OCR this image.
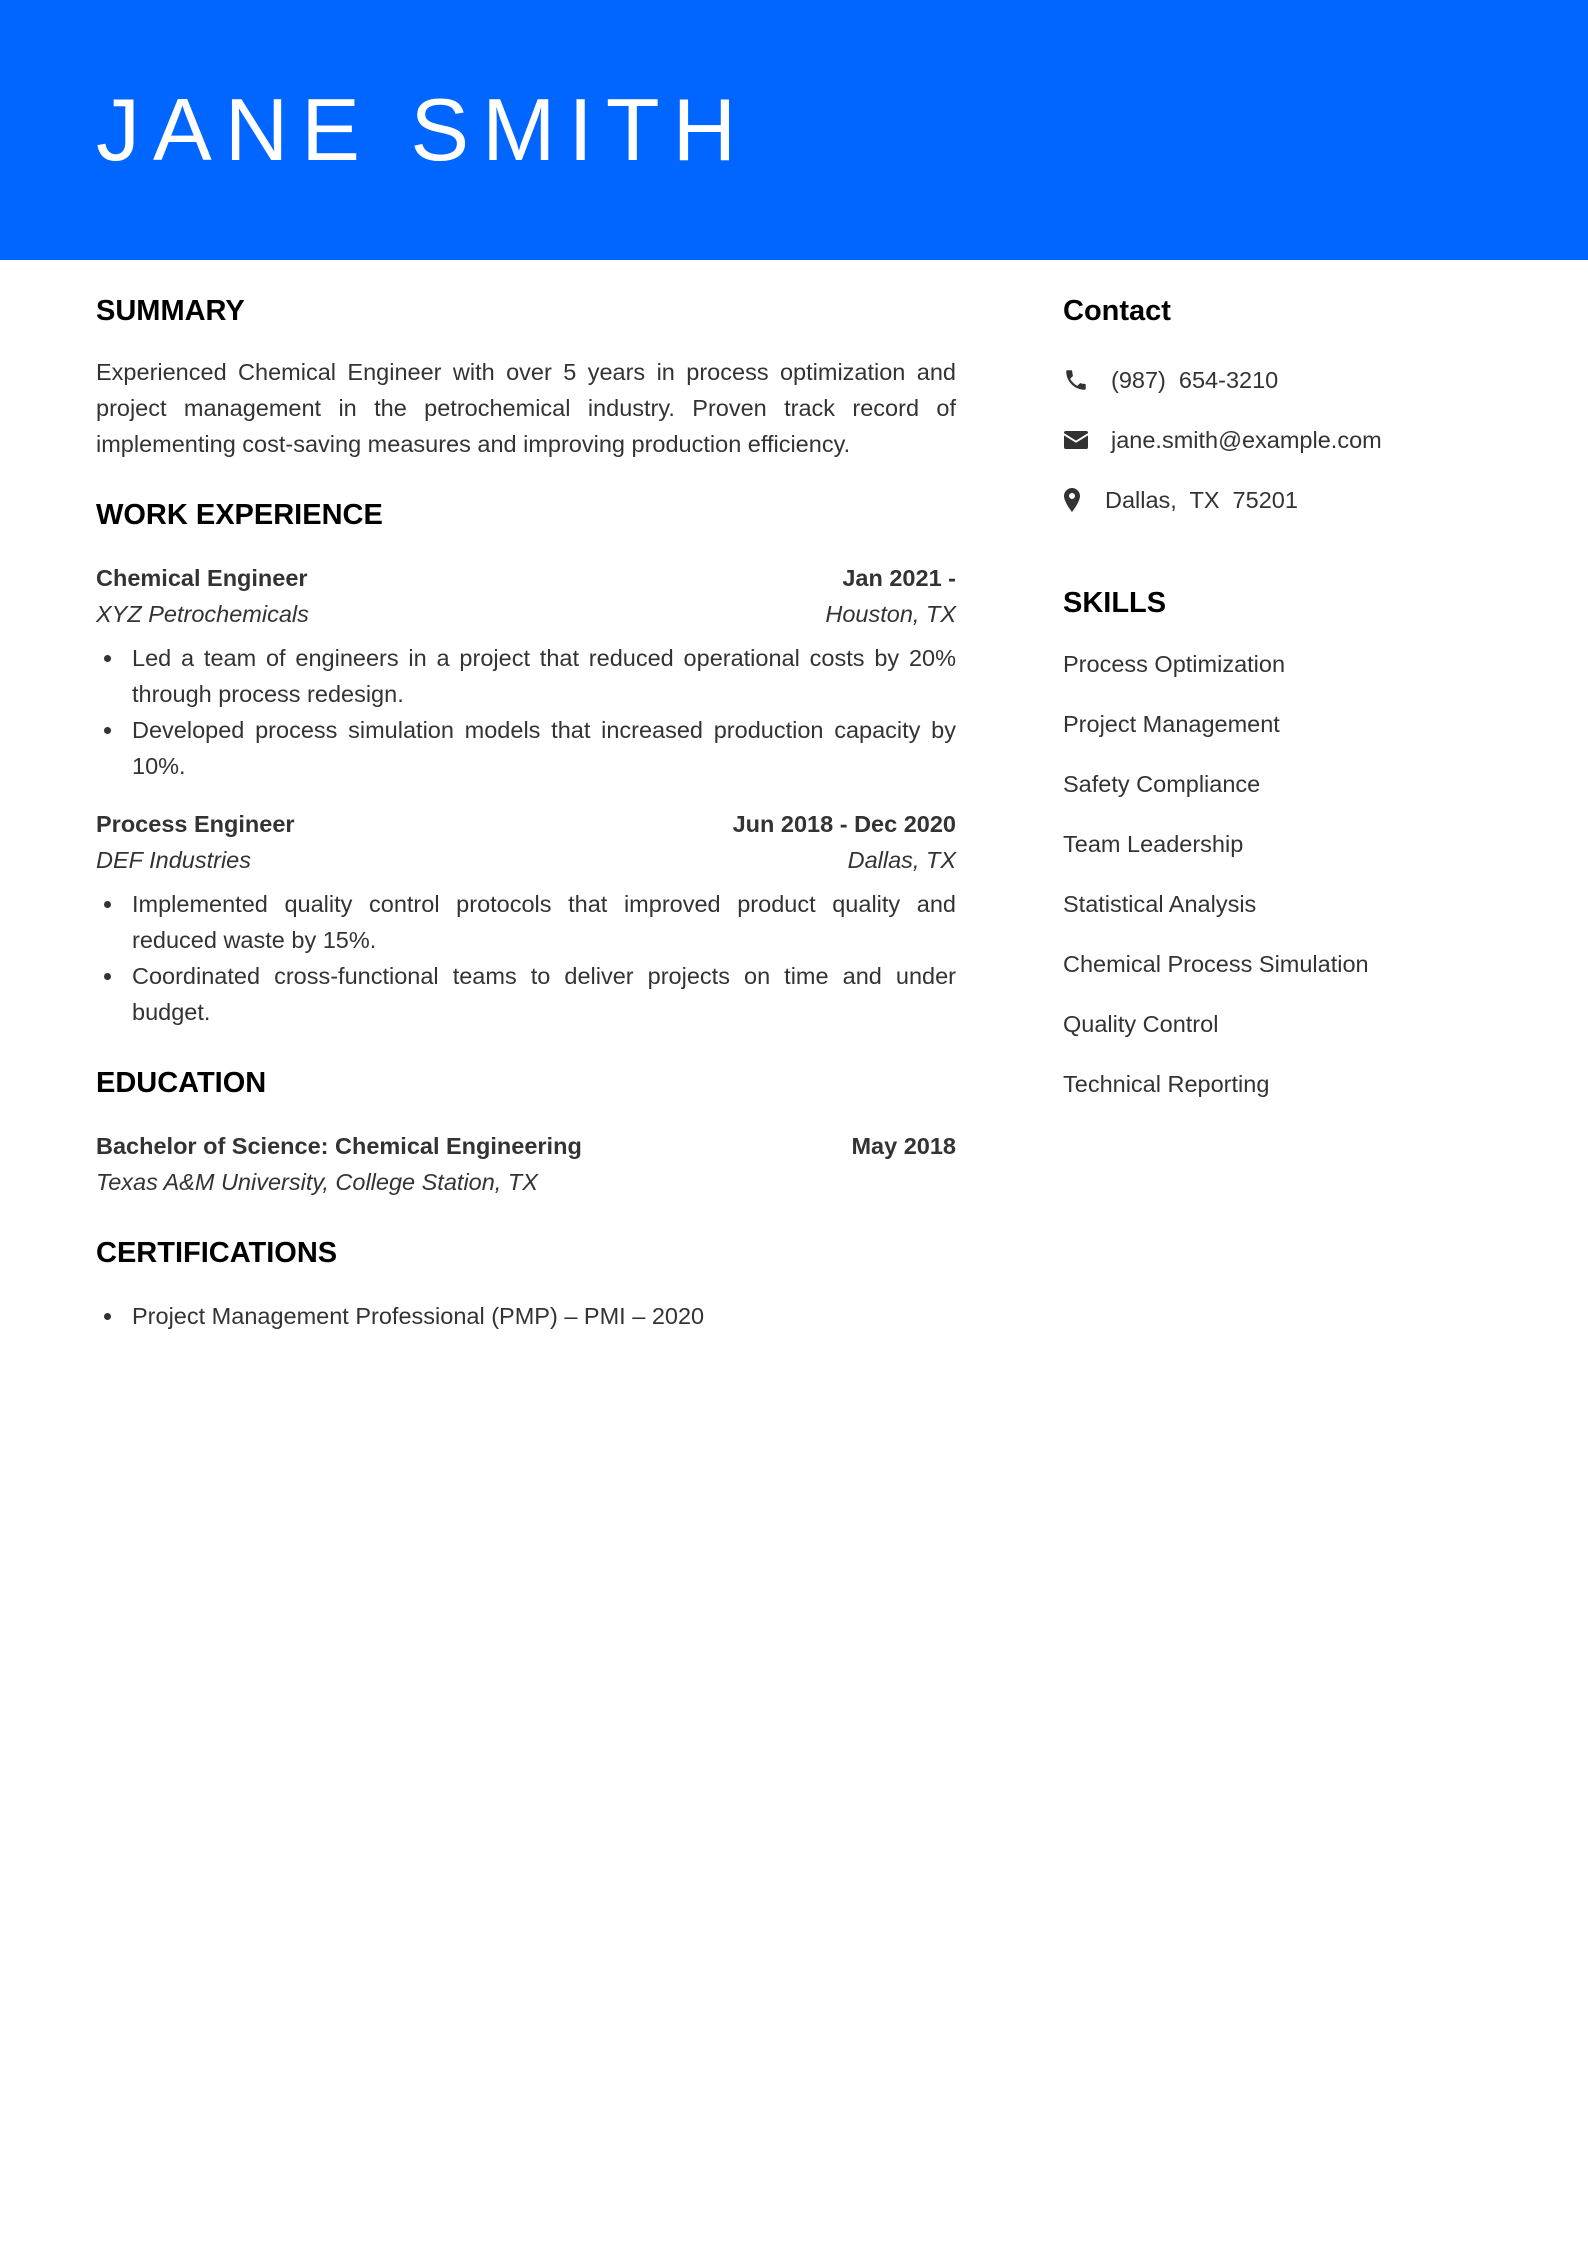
JANE SMITH
SUMMARY

Experienced Chemical Engineer with over 5 years in process optimization and project management in the petrochemical industry. Proven track record of implementing cost-saving measures and improving production efficiency.

WORK EXPERIENCE
Chemical Engineer	Jan 2021 -
XYZ Petrochemicals	Houston, TX
Led a team of engineers in a project that reduced operational costs by 20% through process redesign.
Developed process simulation models that increased production capacity by 10%.
Process Engineer	Jun 2018 - Dec 2020
DEF Industries	Dallas, TX
Implemented quality control protocols that improved product quality and reduced waste by 15%.
Coordinated cross-functional teams to deliver projects on time and under budget.
EDUCATION
Bachelor of Science: Chemical Engineering	May 2018
Texas A&M University, College Station, TX
CERTIFICATIONS
Project Management Professional (PMP) – PMI – 2020
Contact
(987)  654-3210
jane.smith@example.com
Dallas,  TX  75201
SKILLS
Process Optimization
Project Management
Safety Compliance
Team Leadership
Statistical Analysis
Chemical Process Simulation
Quality Control
Technical Reporting
